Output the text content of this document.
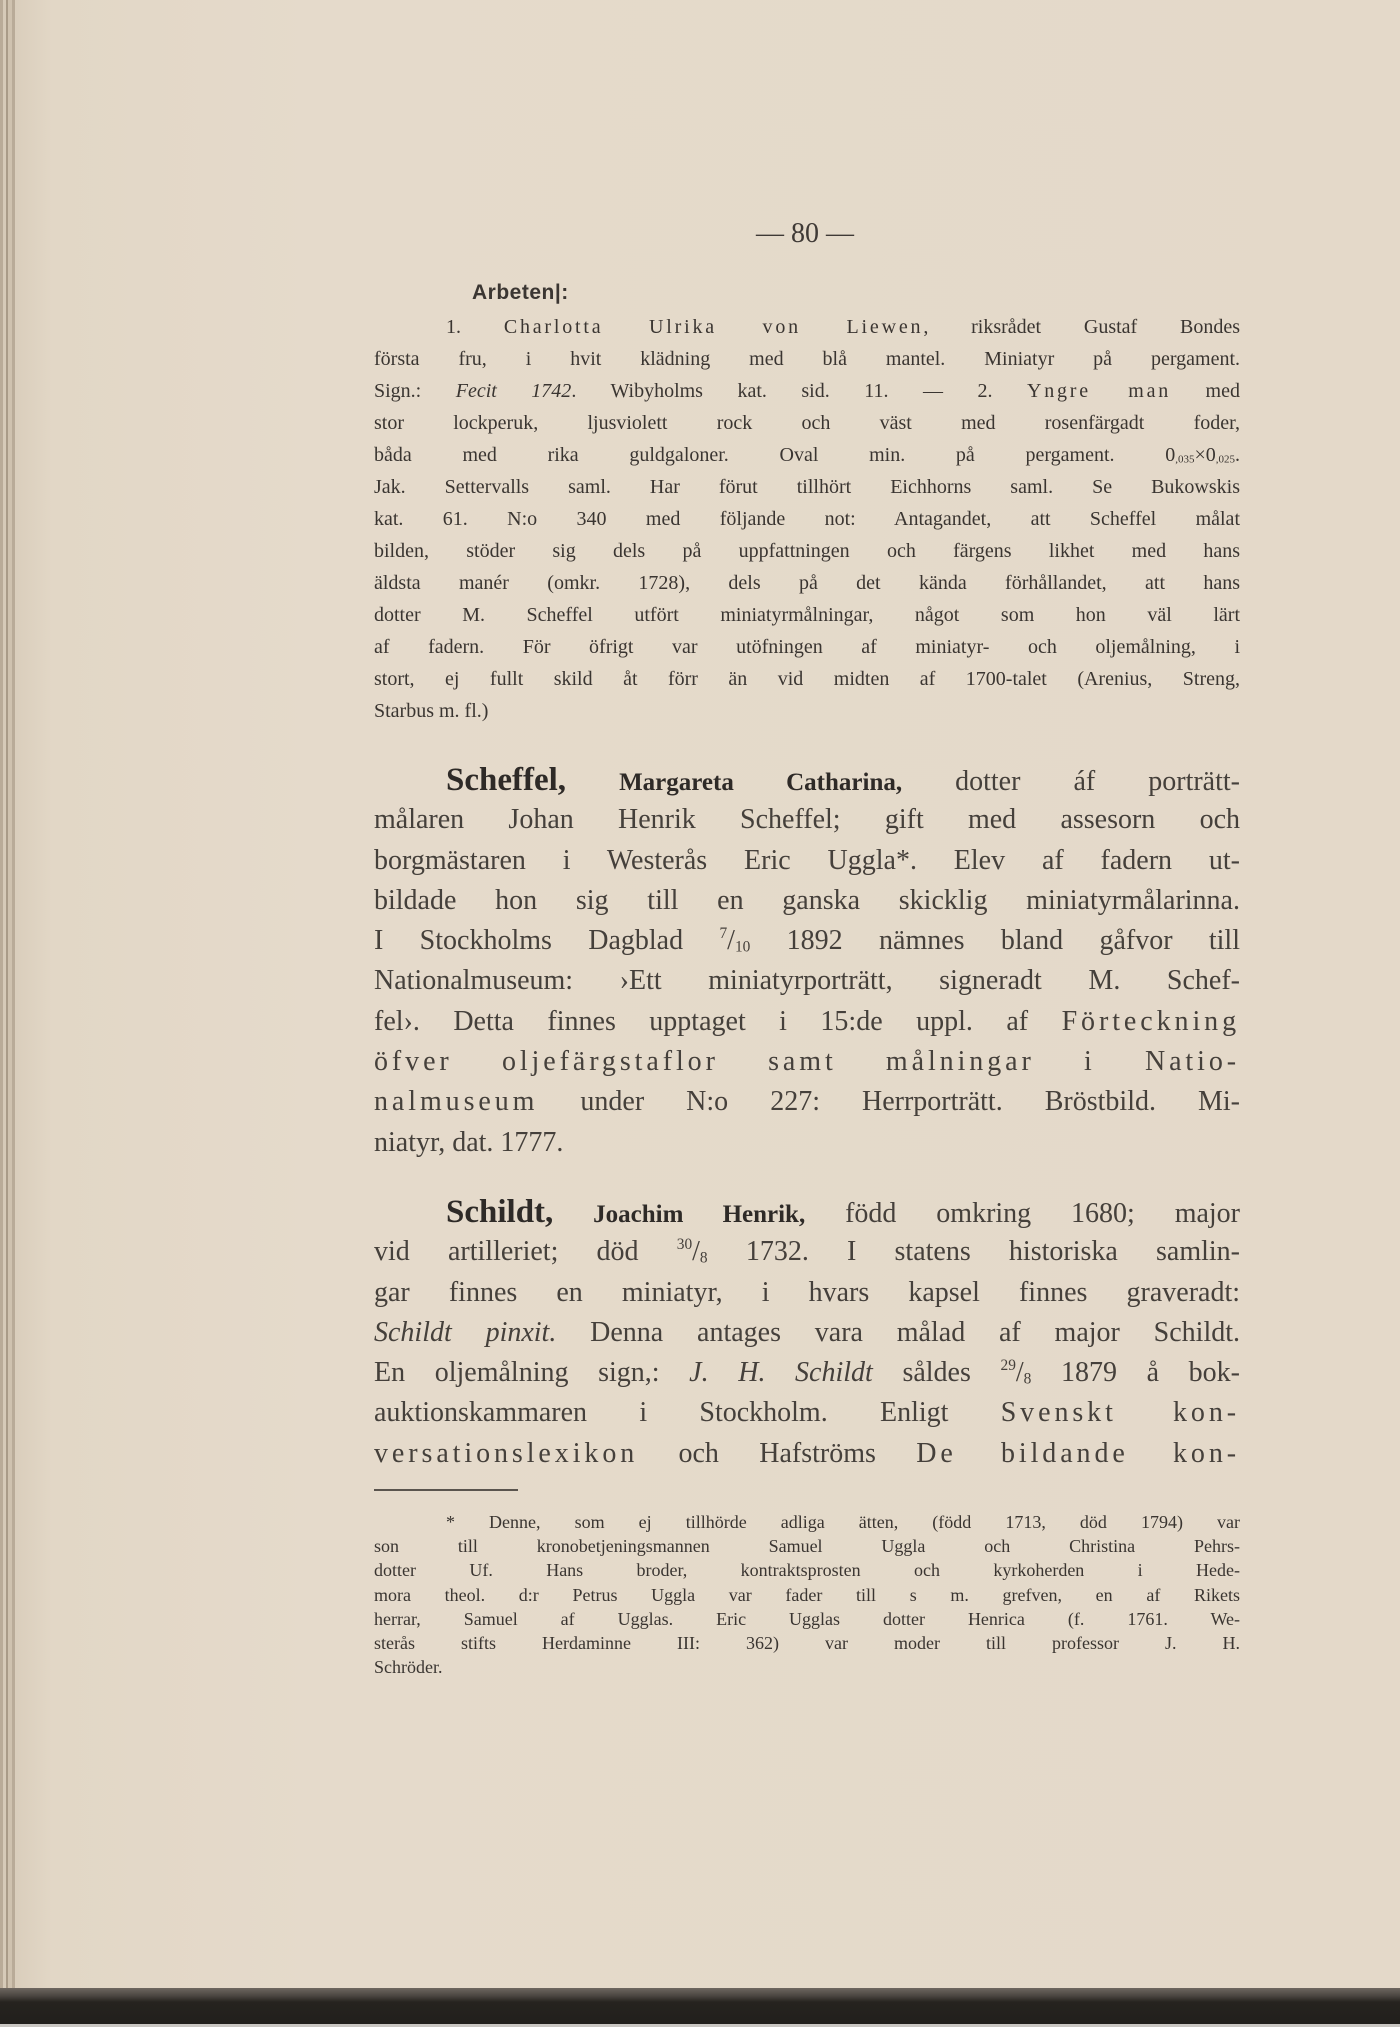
— 80 —
Arbeten|:
1. Charlotta Ulrika von Liewen, riksrådet Gustaf Bondes
första fru, i hvit klädning med blå mantel. Miniatyr på pergament.
Sign.: Fecit 1742. Wibyholms kat. sid. 11. — 2. Yngre man med
stor lockperuk, ljusviolett rock och väst med rosenfärgadt foder,
båda med rika guldgaloner. Oval min. på pergament. 0,035×0,025.
Jak. Settervalls saml. Har förut tillhört Eichhorns saml. Se Bukowskis
kat. 61. N:o 340 med följande not: Antagandet, att Scheffel målat
bilden, stöder sig dels på uppfattningen och färgens likhet med hans
äldsta manér (omkr. 1728), dels på det kända förhållandet, att hans
dotter M. Scheffel utfört miniatyrmålningar, något som hon väl lärt
af fadern. För öfrigt var utöfningen af miniatyr- och oljemålning, i
stort, ej fullt skild åt förr än vid midten af 1700-talet (Arenius, Streng,
Starbus m. fl.)
Scheffel, Margareta Catharina, dotter áf porträtt-
målaren Johan Henrik Scheffel; gift med assesorn och
borgmästaren i Westerås Eric Uggla*. Elev af fadern ut-
bildade hon sig till en ganska skicklig miniatyrmålarinna.
I Stockholms Dagblad $^7$/10 1892 nämnes bland gåfvor till
Nationalmuseum: ›Ett miniatyrporträtt, signeradt M. Schef-
fel›. Detta finnes upptaget i 15:de uppl. af Förteckning
öfver oljefärgstaflor samt målningar i Natio-
nalmuseum under N:o 227: Herrporträtt. Bröstbild. Mi-
niatyr, dat. 1777.
Schildt, Joachim Henrik, född omkring 1680; major
vid artilleriet; död $^{30}$/8 1732. I statens historiska samlin-
gar finnes en miniatyr, i hvars kapsel finnes graveradt:
Schildt pinxit. Denna antages vara målad af major Schildt.
En oljemålning sign,: J. H. Schildt såldes $^{29}$/8 1879 å bok-
auktionskammaren i Stockholm. Enligt Svenskt kon-
versationslexikon och Hafströms De bildande kon-
* Denne, som ej tillhörde adliga ätten, (född 1713, död 1794) var
son till kronobetjeningsmannen Samuel Uggla och Christina Pehrs-
dotter Uf. Hans broder, kontraktsprosten och kyrkoherden i Hede-
mora theol. d:r Petrus Uggla var fader till s m. grefven, en af Rikets
herrar, Samuel af Ugglas. Eric Ugglas dotter Henrica (f. 1761. We-
sterås stifts Herdaminne III: 362) var moder till professor J. H.
Schröder.
